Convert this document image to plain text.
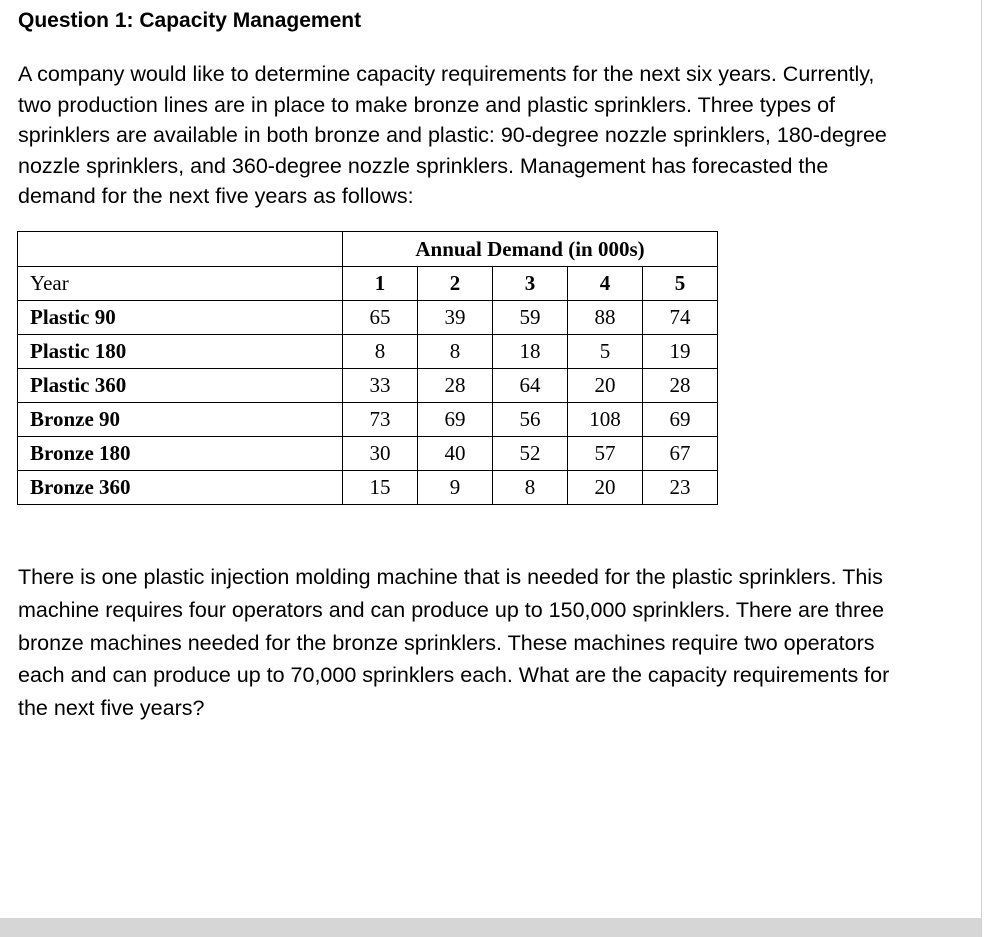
Question 1: Capacity Management
A company would like to determine capacity requirements for the next six years. Currently,
two production lines are in place to make bronze and plastic sprinklers. Three types of
sprinklers are available in both bronze and plastic: 90-degree nozzle sprinklers, 180-degree
nozzle sprinklers, and 360-degree nozzle sprinklers. Management has forecasted the
demand for the next five years as follows:
	Annual Demand (in 000s)				
Year	1	2	3	4	5
Plastic 90	65	39	59	88	74
Plastic 180	8	8	18	5	19
Plastic 360	33	28	64	20	28
Bronze 90	73	69	56	108	69
Bronze 180	30	40	52	57	67
Bronze 360	15	9	8	20	23
There is one plastic injection molding machine that is needed for the plastic sprinklers. This
machine requires four operators and can produce up to 150,000 sprinklers. There are three
bronze machines needed for the bronze sprinklers. These machines require two operators
each and can produce up to 70,000 sprinklers each. What are the capacity requirements for
the next five years?
